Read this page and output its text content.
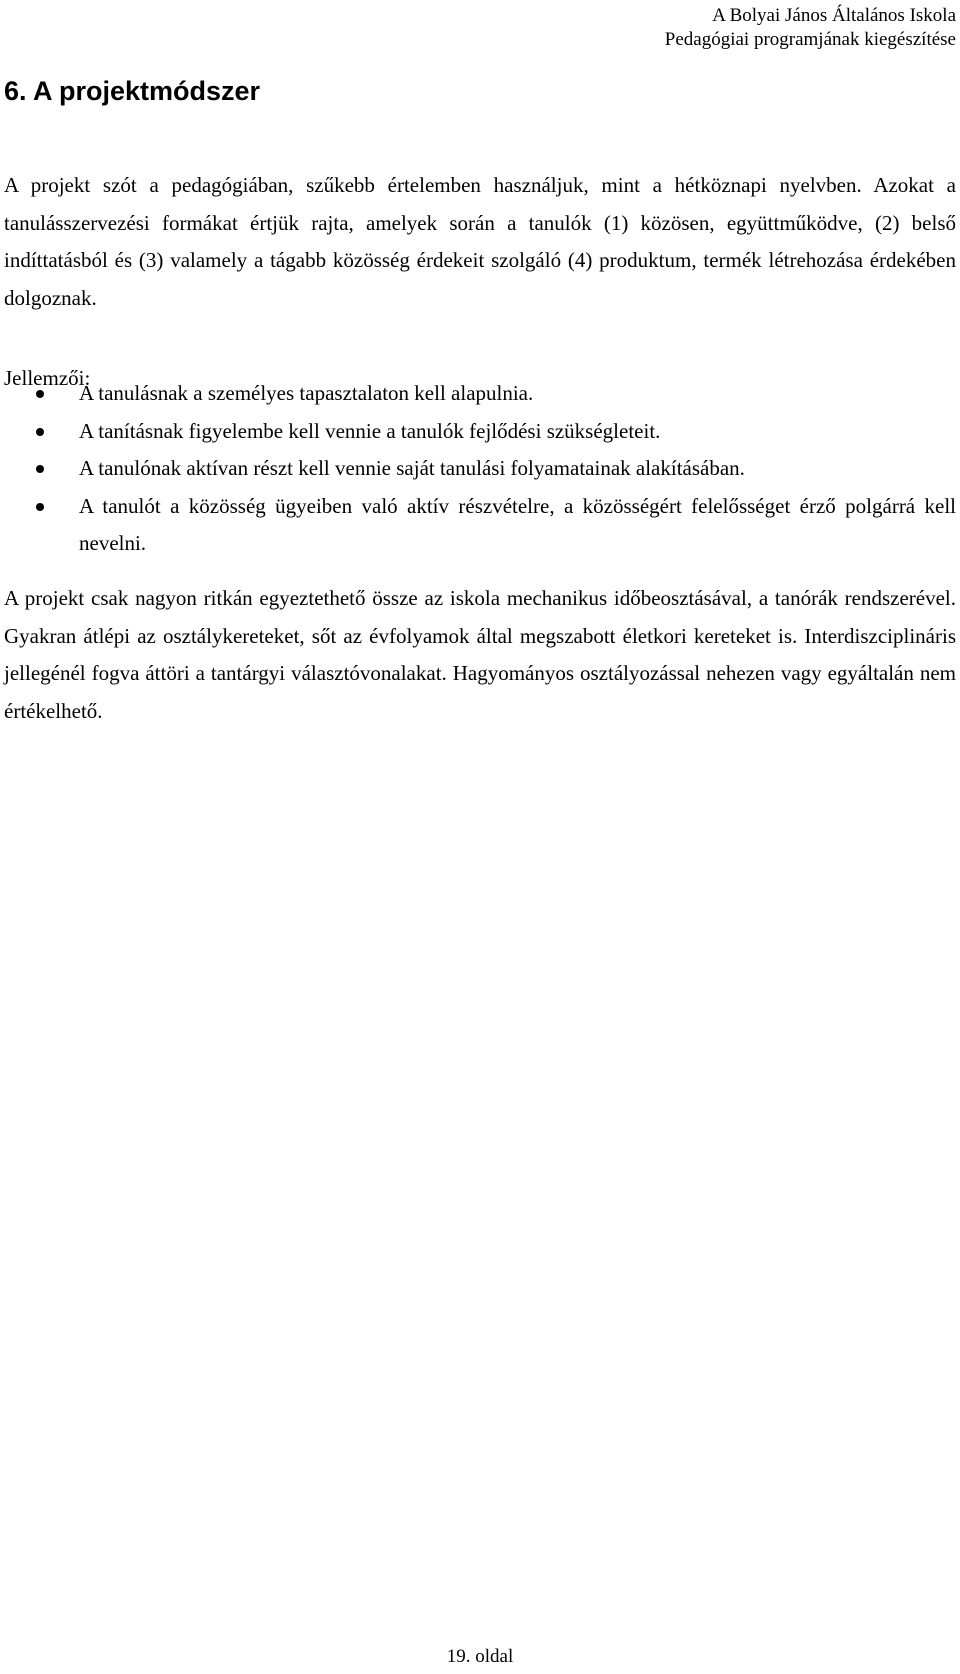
A Bolyai János Általános Iskola
Pedagógiai programjának kiegészítése
6. A projektmódszer

A projekt szót a pedagógiában, szűkebb értelemben használjuk, mint a hétköznapi nyelvben. Azokat a tanulásszervezési formákat értjük rajta, amelyek során a tanulók (1) közösen, együttműködve, (2) belső indíttatásból és (3) valamely a tágabb közösség érdekeit szolgáló (4) produktum, termék létrehozása érdekében dolgoznak.

Jellemzői:

A tanulásnak a személyes tapasztalaton kell alapulnia.
A tanításnak figyelembe kell vennie a tanulók fejlődési szükségleteit.
A tanulónak aktívan részt kell vennie saját tanulási folyamatainak alakításában.
A tanulót a közösség ügyeiben való aktív részvételre, a közösségért felelősséget érző polgárrá kell nevelni.

A projekt csak nagyon ritkán egyeztethető össze az iskola mechanikus időbeosztásával, a tanórák rendszerével. Gyakran átlépi az osztálykereteket, sőt az évfolyamok által megszabott életkori kereteket is. Interdiszciplináris jellegénél fogva áttöri a tantárgyi választóvonalakat. Hagyományos osztályozással nehezen vagy egyáltalán nem értékelhető.

19. oldal
